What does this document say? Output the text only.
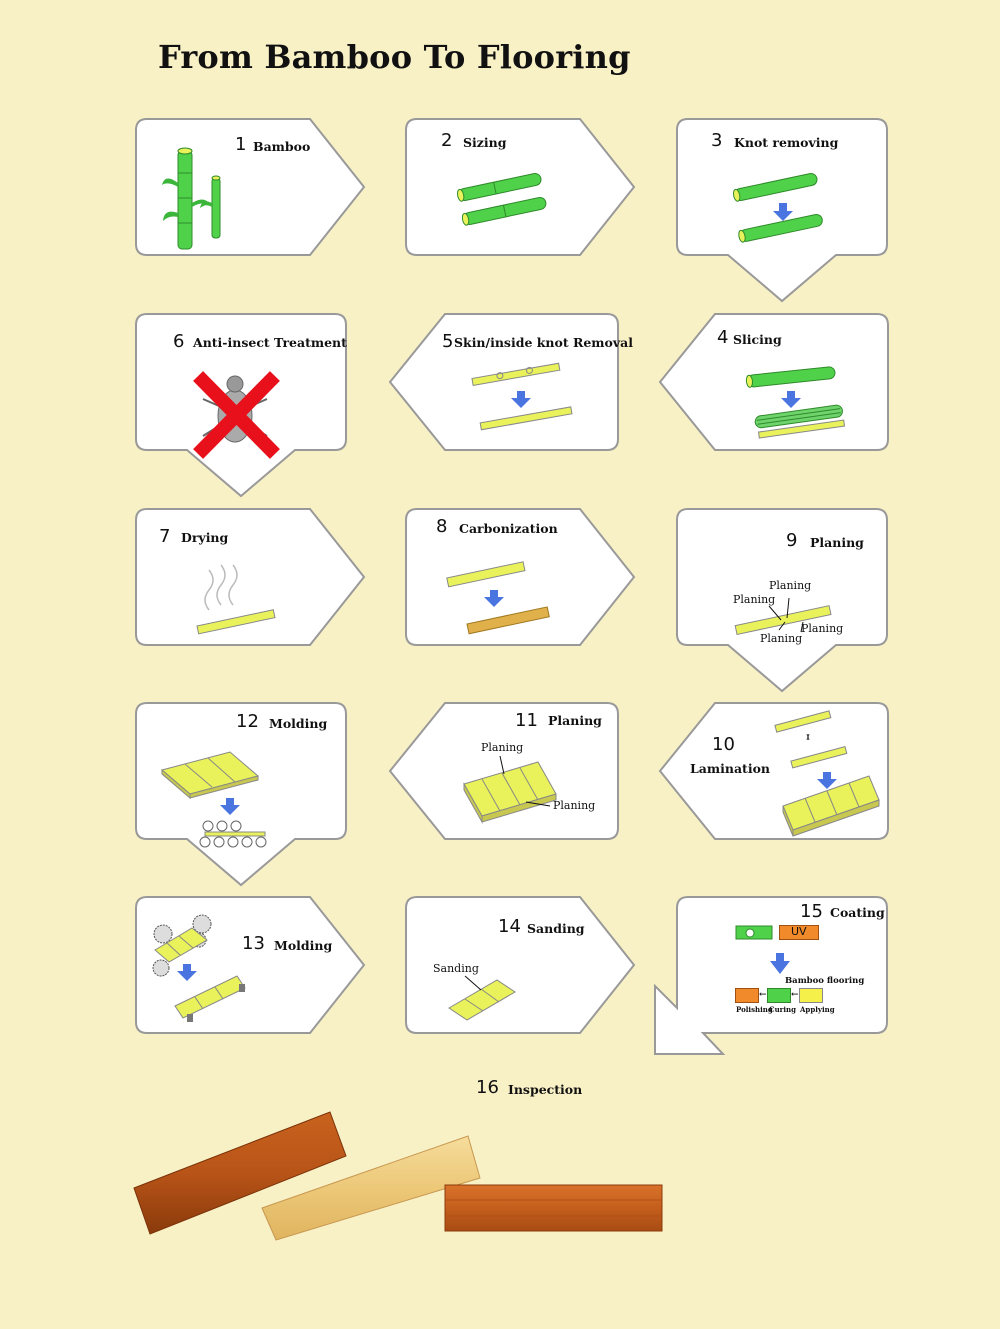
From Bamboo To Flooring
1 Bamboo	2 Sizing	3 Knot removing
6 Anti-insect Treatment	5 Skin/inside knot Removal	4 Slicing
7 Drying
8 Carbonization
9 Planing
Planing
Planing
Planing
Planing
12 Molding	11 Planing
Planing
Planing
10
Lamination
13 Molding
14 Sanding
Sanding
15 Coating
UV
Bamboo flooring
←	←
Polishing
Curing Applying
16 Inspection
